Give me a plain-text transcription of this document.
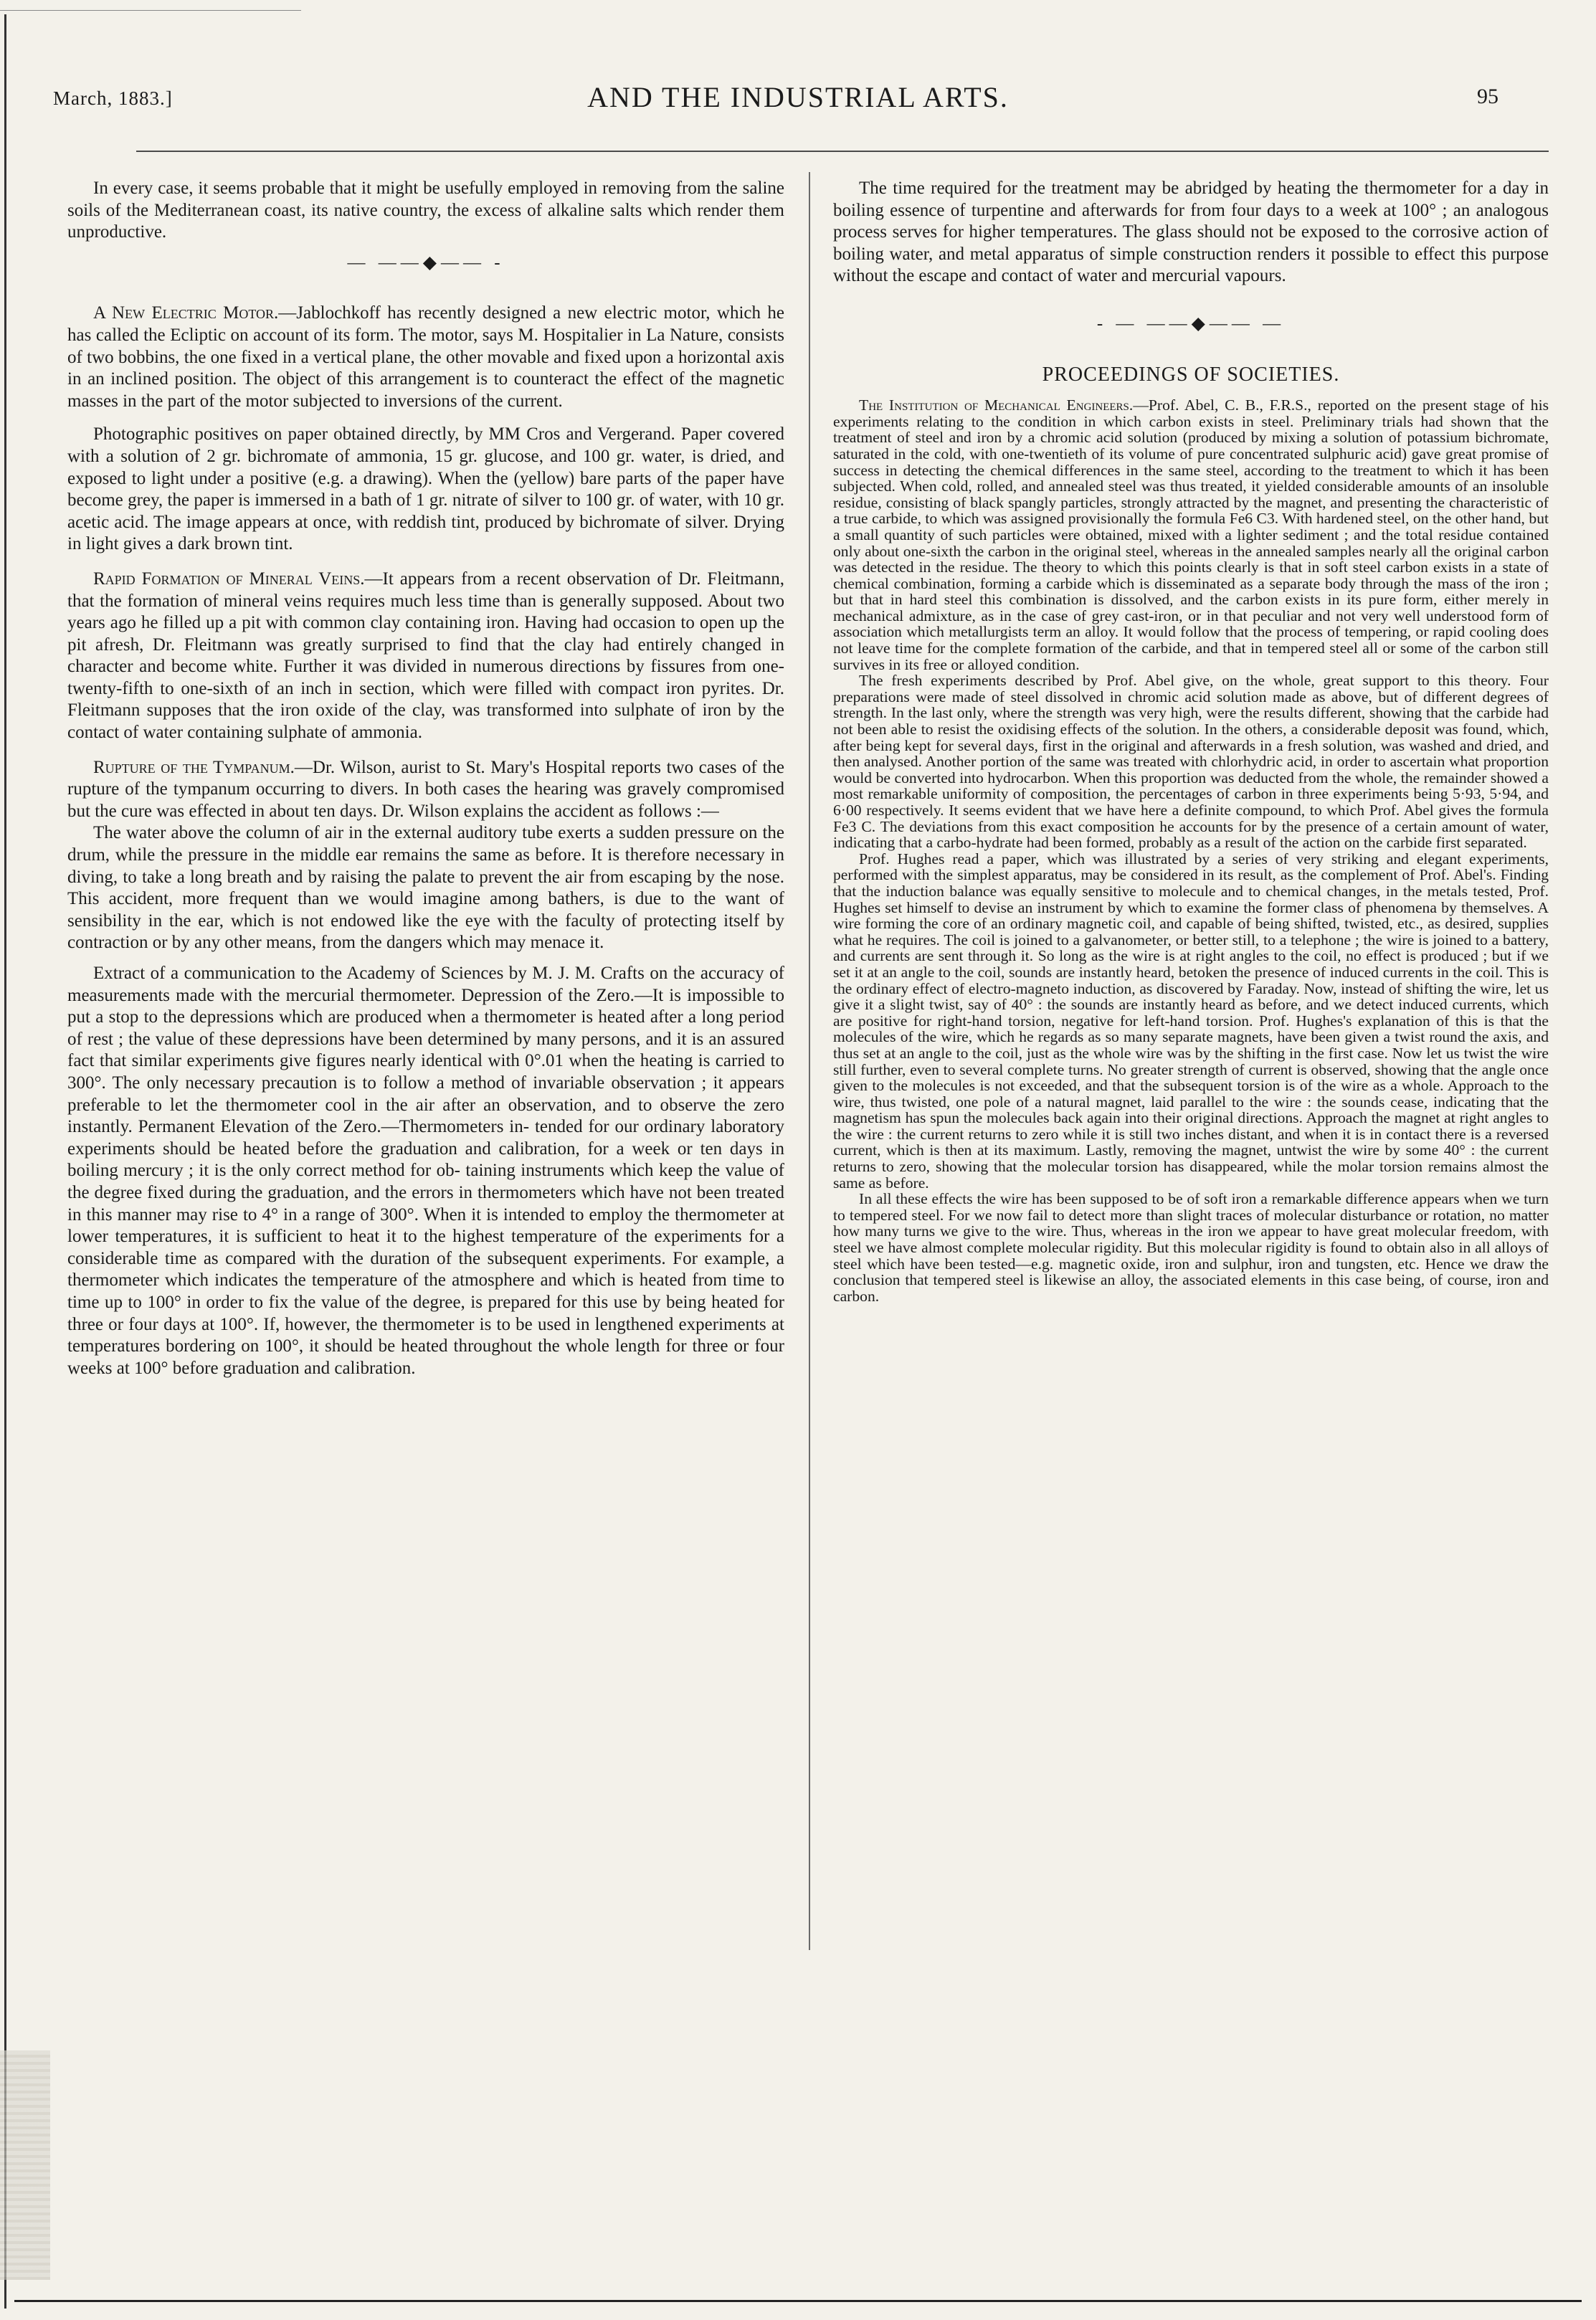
March, 1883.]	AND THE INDUSTRIAL ARTS.	95

In every case, it seems probable that it might be usefully employed in removing from the saline soils of the Mediterranean coast, its native country, the excess of alkaline salts which render them unproductive.

— ——◆—— -

A New Electric Motor.—Jablochkoff has recently designed a new electric motor, which he has called the Ecliptic on account of its form. The motor, says M. Hospitalier in La Nature, consists of two bobbins, the one fixed in a vertical plane, the other movable and fixed upon a horizontal axis in an inclined position. The object of this arrangement is to counteract the effect of the magnetic masses in the part of the motor subjected to inversions of the current.

Photographic positives on paper obtained directly, by MM Cros and Vergerand. Paper covered with a solution of 2 gr. bichromate of ammonia, 15 gr. glucose, and 100 gr. water, is dried, and exposed to light under a positive (e.g. a drawing). When the (yellow) bare parts of the paper have become grey, the paper is immersed in a bath of 1 gr. nitrate of silver to 100 gr. of water, with 10 gr. acetic acid. The image appears at once, with reddish tint, produced by bichromate of silver. Drying in light gives a dark brown tint.

Rapid Formation of Mineral Veins.—It appears from a recent observation of Dr. Fleitmann, that the formation of mineral veins requires much less time than is generally supposed. About two years ago he filled up a pit with common clay containing iron. Having had occasion to open up the pit afresh, Dr. Fleitmann was greatly surprised to find that the clay had entirely changed in character and become white. Further it was divided in numerous directions by fissures from one-twenty-fifth to one-sixth of an inch in section, which were filled with compact iron pyrites. Dr. Fleitmann supposes that the iron oxide of the clay, was transformed into sulphate of iron by the contact of water containing sulphate of ammonia.

Rupture of the Tympanum.—Dr. Wilson, aurist to St. Mary's Hospital reports two cases of the rupture of the tympanum occurring to divers. In both cases the hearing was gravely compromised but the cure was effected in about ten days. Dr. Wilson explains the accident as follows :—

The water above the column of air in the external auditory tube exerts a sudden pressure on the drum, while the pressure in the middle ear remains the same as before. It is therefore necessary in diving, to take a long breath and by raising the palate to prevent the air from escaping by the nose. This accident, more frequent than we would imagine among bathers, is due to the want of sensibility in the ear, which is not endowed like the eye with the faculty of protecting itself by contraction or by any other means, from the dangers which may menace it.

Extract of a communication to the Academy of Sciences by M. J. M. Crafts on the accuracy of measurements made with the mercurial thermometer. Depression of the Zero.—It is impossible to put a stop to the depressions which are produced when a thermometer is heated after a long period of rest ; the value of these depressions have been determined by many persons, and it is an assured fact that similar experiments give figures nearly identical with 0°.01 when the heating is carried to 300°. The only necessary precaution is to follow a method of invariable observation ; it appears preferable to let the thermometer cool in the air after an observation, and to observe the zero instantly. Permanent Elevation of the Zero.—Thermometers in- tended for our ordinary laboratory experiments should be heated before the graduation and calibration, for a week or ten days in boiling mercury ; it is the only correct method for ob- taining instruments which keep the value of the degree fixed during the graduation, and the errors in thermometers which have not been treated in this manner may rise to 4° in a range of 300°. When it is intended to employ the thermometer at lower temperatures, it is sufficient to heat it to the highest temperature of the experiments for a considerable time as compared with the duration of the subsequent experiments. For example, a thermometer which indicates the temperature of the atmosphere and which is heated from time to time up to 100° in order to fix the value of the degree, is prepared for this use by being heated for three or four days at 100°. If, however, the thermometer is to be used in lengthened experiments at temperatures bordering on 100°, it should be heated throughout the whole length for three or four weeks at 100° before graduation and calibration.

The time required for the treatment may be abridged by heating the thermometer for a day in boiling essence of turpentine and afterwards for from four days to a week at 100° ; an analogous process serves for higher temperatures. The glass should not be exposed to the corrosive action of boiling water, and metal apparatus of simple construction renders it possible to effect this purpose without the escape and contact of water and mercurial vapours.

- — ——◆—— —
PROCEEDINGS OF SOCIETIES.

The Institution of Mechanical Engineers.—Prof. Abel, C. B., F.R.S., reported on the present stage of his experiments relating to the condition in which carbon exists in steel. Preliminary trials had shown that the treatment of steel and iron by a chromic acid solution (produced by mixing a solution of potassium bichromate, saturated in the cold, with one-twentieth of its volume of pure concentrated sulphuric acid) gave great promise of success in detecting the chemical differences in the same steel, according to the treatment to which it has been subjected. When cold, rolled, and annealed steel was thus treated, it yielded considerable amounts of an insoluble residue, consisting of black spangly particles, strongly attracted by the magnet, and presenting the characteristic of a true carbide, to which was assigned provisionally the formula Fe6 C3. With hardened steel, on the other hand, but a small quantity of such particles were obtained, mixed with a lighter sediment ; and the total residue contained only about one-sixth the carbon in the original steel, whereas in the annealed samples nearly all the original carbon was detected in the residue. The theory to which this points clearly is that in soft steel carbon exists in a state of chemical combination, forming a carbide which is disseminated as a separate body through the mass of the iron ; but that in hard steel this combination is dissolved, and the carbon exists in its pure form, either merely in mechanical admixture, as in the case of grey cast-iron, or in that peculiar and not very well understood form of association which metallurgists term an alloy. It would follow that the process of tempering, or rapid cooling does not leave time for the complete formation of the carbide, and that in tempered steel all or some of the carbon still survives in its free or alloyed condition.

The fresh experiments described by Prof. Abel give, on the whole, great support to this theory. Four preparations were made of steel dissolved in chromic acid solution made as above, but of different degrees of strength. In the last only, where the strength was very high, were the results different, showing that the carbide had not been able to resist the oxidising effects of the solution. In the others, a considerable deposit was found, which, after being kept for several days, first in the original and afterwards in a fresh solution, was washed and dried, and then analysed. Another portion of the same was treated with chlorhydric acid, in order to ascertain what proportion would be converted into hydrocarbon. When this proportion was deducted from the whole, the remainder showed a most remarkable uniformity of composition, the percentages of carbon in three experiments being 5·93, 5·94, and 6·00 respectively. It seems evident that we have here a definite compound, to which Prof. Abel gives the formula Fe3 C. The deviations from this exact composition he accounts for by the presence of a certain amount of water, indicating that a carbo-hydrate had been formed, probably as a result of the action on the carbide first separated.

Prof. Hughes read a paper, which was illustrated by a series of very striking and elegant experiments, performed with the simplest apparatus, may be considered in its result, as the complement of Prof. Abel's. Finding that the induction balance was equally sensitive to molecule and to chemical changes, in the metals tested, Prof. Hughes set himself to devise an instrument by which to examine the former class of phenomena by themselves. A wire forming the core of an ordinary magnetic coil, and capable of being shifted, twisted, etc., as desired, supplies what he requires. The coil is joined to a galvanometer, or better still, to a telephone ; the wire is joined to a battery, and currents are sent through it. So long as the wire is at right angles to the coil, no effect is produced ; but if we set it at an angle to the coil, sounds are instantly heard, betoken the presence of induced currents in the coil. This is the ordinary effect of electro-magneto induction, as discovered by Faraday. Now, instead of shifting the wire, let us give it a slight twist, say of 40° : the sounds are instantly heard as before, and we detect induced currents, which are positive for right-hand torsion, negative for left-hand torsion. Prof. Hughes's explanation of this is that the molecules of the wire, which he regards as so many separate magnets, have been given a twist round the axis, and thus set at an angle to the coil, just as the whole wire was by the shifting in the first case. Now let us twist the wire still further, even to several complete turns. No greater strength of current is observed, showing that the angle once given to the molecules is not exceeded, and that the subsequent torsion is of the wire as a whole. Approach to the wire, thus twisted, one pole of a natural magnet, laid parallel to the wire : the sounds cease, indicating that the magnetism has spun the molecules back again into their original directions. Approach the magnet at right angles to the wire : the current returns to zero while it is still two inches distant, and when it is in contact there is a reversed current, which is then at its maximum. Lastly, removing the magnet, untwist the wire by some 40° : the current returns to zero, showing that the molecular torsion has disappeared, while the molar torsion remains almost the same as before.

In all these effects the wire has been supposed to be of soft iron a remarkable difference appears when we turn to tempered steel. For we now fail to detect more than slight traces of molecular disturbance or rotation, no matter how many turns we give to the wire. Thus, whereas in the iron we appear to have great molecular freedom, with steel we have almost complete molecular rigidity. But this molecular rigidity is found to obtain also in all alloys of steel which have been tested—e.g. magnetic oxide, iron and sulphur, iron and tungsten, etc. Hence we draw the conclusion that tempered steel is likewise an alloy, the associated elements in this case being, of course, iron and carbon.
